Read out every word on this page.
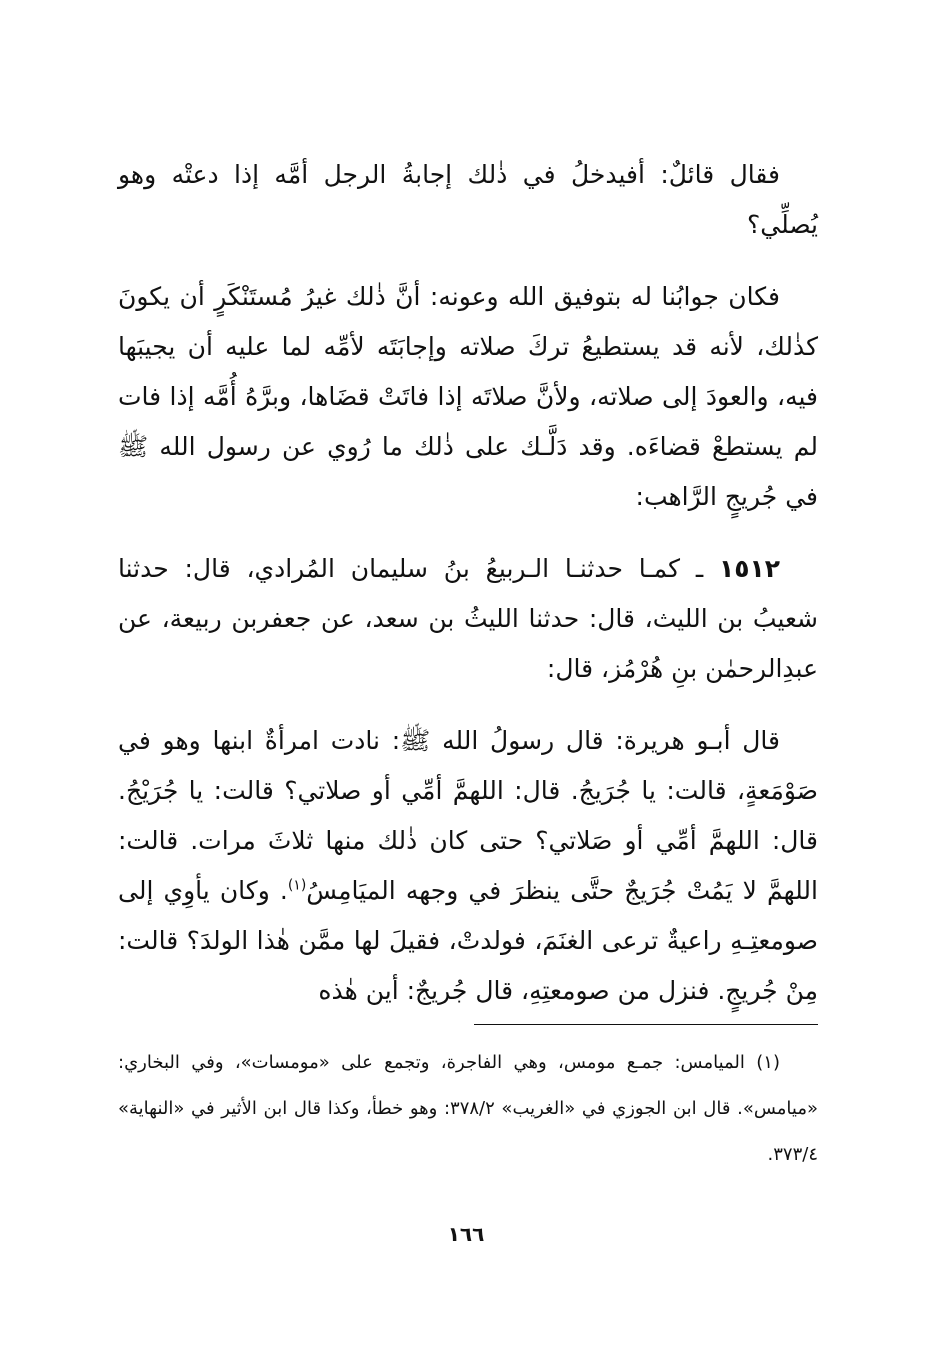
فقال قائلٌ: أفيدخلُ في ذٰلك إجابةُ الرجل أمَّه إذا دعتْه وهو يُصلِّي؟

فكان جوابُنا له بتوفيق الله وعونه: أنَّ ذٰلك غيرُ مُستَنْكَرٍ أن يكونَ كذٰلك، لأنه قد يستطيعُ تركَ صلاته وإجابَتَه لأمِّه لما عليه أن يجيبَها فيه، والعودَ إلى صلاته، ولأنَّ صلاتَه إذا فاتَتْ قضَاها، وبرَّهُ أُمَّه إذا فات لم يستطعْ قضاءَه. وقد دَلَّـك على ذٰلك ما رُوي عن رسول الله ﷺ في جُريجٍ الرَّاهب:

١٥١٢ ـ كمـا حدثنـا الـربيعُ بنُ سليمان المُرادي، قال: حدثنا شعيبُ بن الليث، قال: حدثنا الليثُ بن سعد، عن جعفربن ربيعة، عن عبدِالرحمٰن بنِ هُرْمُز، قال:

قال أبـو هريرة: قال رسولُ الله ﷺ: نادت امرأةٌ ابنها وهو في صَوْمَعةٍ، قالت: يا جُرَيجُ. قال: اللهمَّ أمِّي أو صلاتي؟ قالت: يا جُرَيْجُ. قال: اللهمَّ أمِّي أو صَلاتي؟ حتى كان ذٰلك منها ثلاثَ مرات. قالت: اللهمَّ لا يَمُتْ جُرَيجٌ حتَّى ينظرَ في وجهه الميَامِسُ$^{(١)}$. وكان يأوِي إلى صومعتِـهِ راعيةٌ ترعى الغنَمَ، فولدتْ، فقيلَ لها ممَّن هٰذا الولدَ؟ قالت: مِنْ جُريجٍ. فنزل من صومعتِهِ، قال جُريجٌ: أين هٰذه

(١) الميامس: جمـع مومس، وهي الفاجرة، وتجمع على «مومسات»، وفي البخاري: «ميامس». قال ابن الجوزي في «الغريب» ٣٧٨/٢: وهو خطأ، وكذا قال ابن الأثير في «النهاية» ٣٧٣/٤.

١٦٦
